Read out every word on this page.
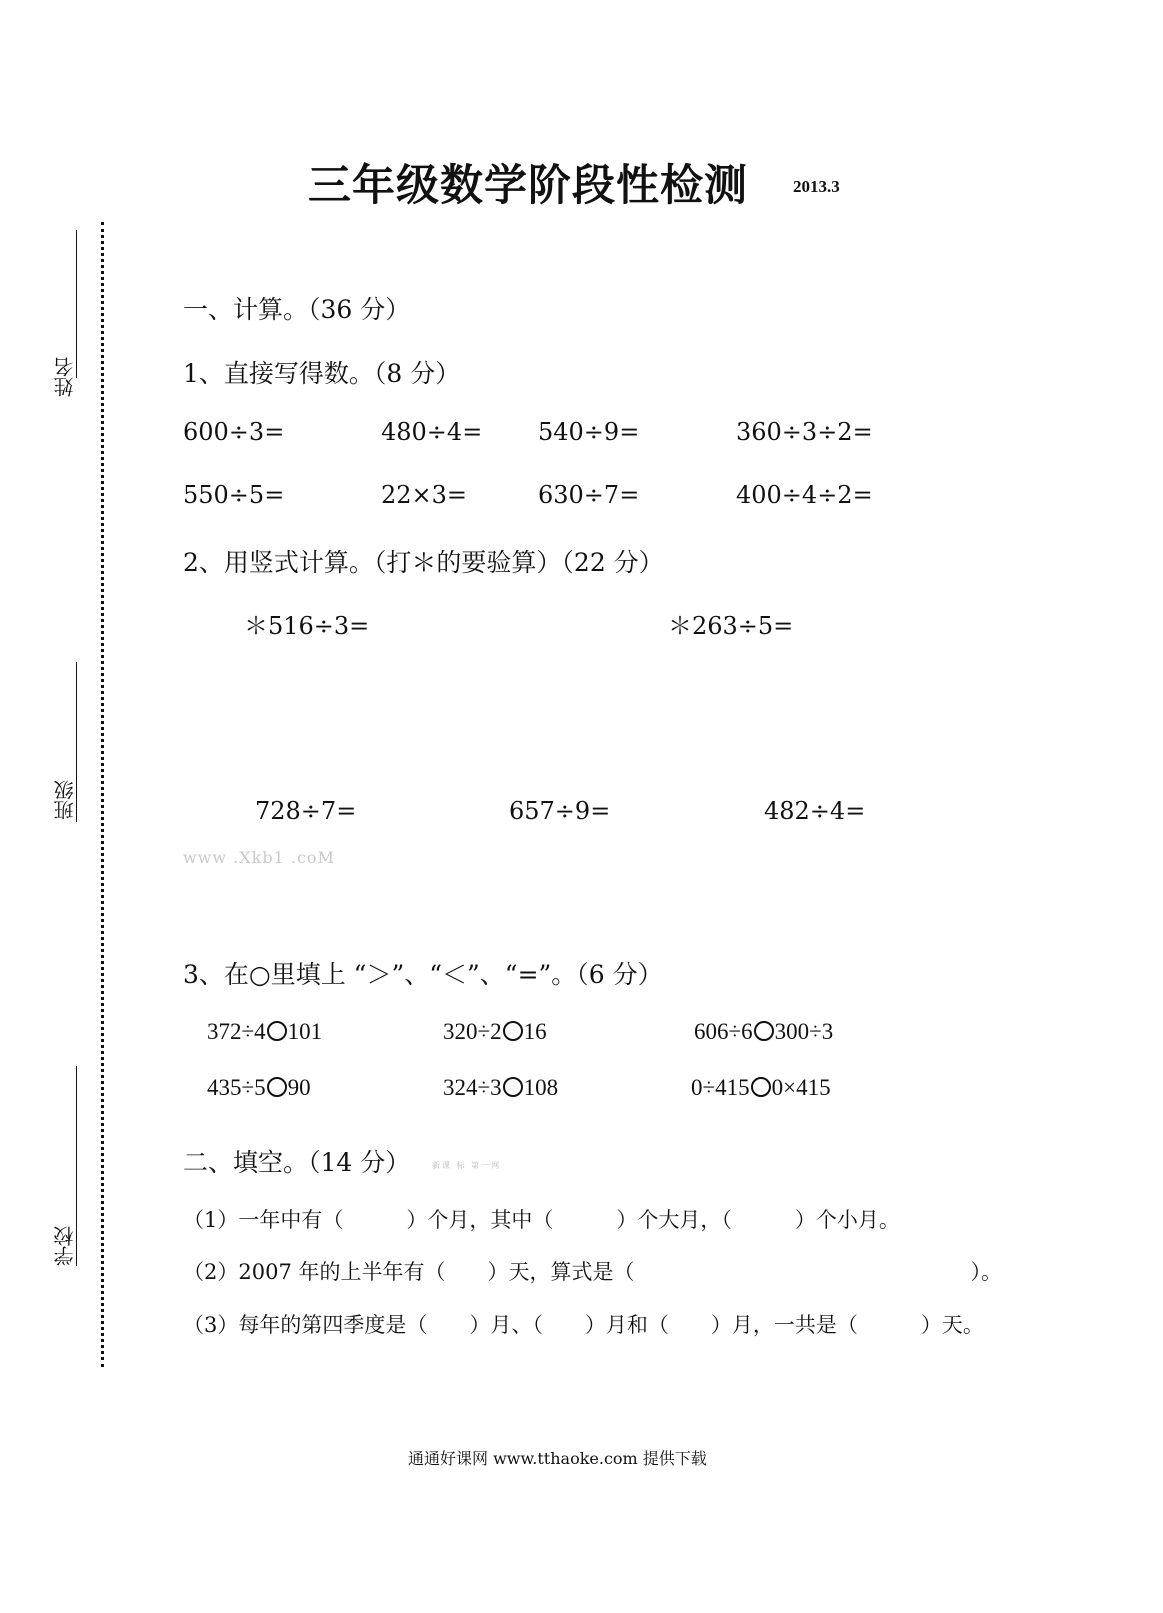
姓名
班级
学校
三年级数学阶段性检测	2013.3
一、计算。（36 分）
1、直接写得数。（8 分）
600÷3=	480÷4= 540÷9=	360÷3÷2=
550÷5=	22×3=	630÷7=	400÷4÷2=
2、用竖式计算。（打＊的要验算）（22 分）
＊516÷3=	＊263÷5=
728÷7=	657÷9=	482÷4=
www .Xkb1 .coM
3、在○里填上 “＞”、“＜”、“=”。（6 分）
372÷4 101	320÷2 16	606÷6 300÷3
435÷5 90	324÷3 108	0÷415 0×415
二、填空。（14 分）	新课 标 第一网
（1）一年中有（　　　）个月，其中（　　　）个大月，（　　　）个小月。
（2）2007 年的上半年有（　　）天，算式是（　　　　　　　　　　　　　　　　）。
（3）每年的第四季度是（　　）月、（　　）月和（　　）月，一共是（　　　）天。
通通好课网 www.tthaoke.com 提供下载
